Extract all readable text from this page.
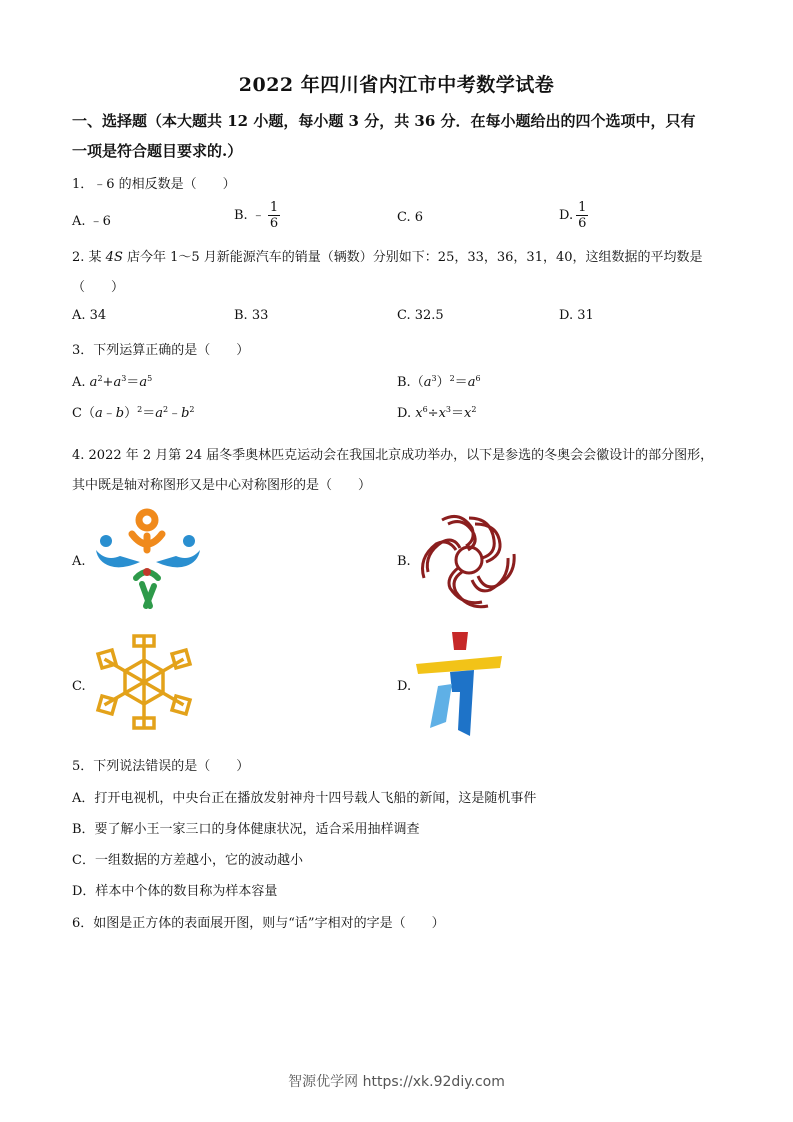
2022 年四川省内江市中考数学试卷
一、选择题（本大题共 12 小题，每小题 3 分，共 36 分．在每小题给出的四个选项中，只有
一项是符合题目要求的.）
1．﹣6 的相反数是（　　）
A. ﹣6	B. ﹣ $\frac{1}{6}$	C. 6	D. $\frac{1}{6}$
2. 某 4S 店今年 1～5 月新能源汽车的销量（辆数）分别如下：25，33，36，31，40，这组数据的平均数是
（　　）
A. 34	B. 33	C. 32.5	D. 31
3．下列运算正确的是（　　）
A. $a^2+a^3=a^5$	$B.(a^3)^2=a^6$
$C(a﹣b)^2=a^2﹣b^2$	D. $x^6\div x^3=x^2$
4. 2022 年 2 月第 24 届冬季奥林匹克运动会在我国北京成功举办，以下是参选的冬奥会会徽设计的部分图形，
其中既是轴对称图形又是中心对称图形的是（　　）
A.	B.
C.	D.
5．下列说法错误的是（　　）
A．打开电视机，中央台正在播放发射神舟十四号载人飞船的新闻，这是随机事件
B．要了解小王一家三口的身体健康状况，适合采用抽样调查
C．一组数据的方差越小，它的波动越小
D．样本中个体的数目称为样本容量
6．如图是正方体的表面展开图，则与“话”字相对的字是（　　）
智源优学网 https://xk.92diy.com
